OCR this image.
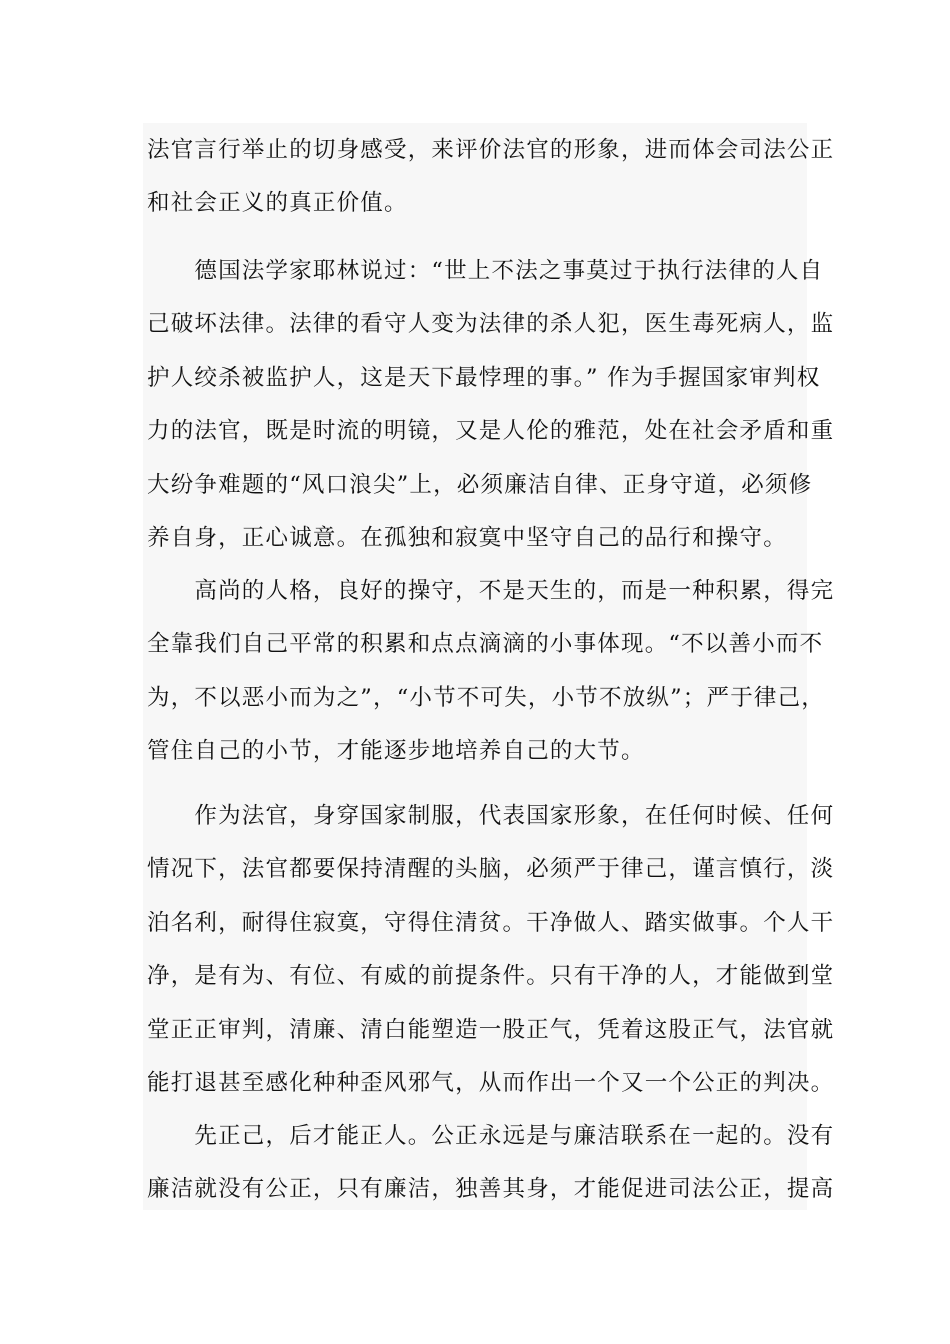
法官言行举止的切身感受，来评价法官的形象，进而体会司法公正
和社会正义的真正价值。
　　德国法学家耶林说过：“世上不法之事莫过于执行法律的人自
己破坏法律。法律的看守人变为法律的杀人犯，医生毒死病人，监
护人绞杀被监护人，这是天下最悖理的事。” 作为手握国家审判权
力的法官，既是时流的明镜，又是人伦的雅范，处在社会矛盾和重
大纷争难题的“风口浪尖”上，必须廉洁自律、正身守道，必须修
养自身，正心诚意。在孤独和寂寞中坚守自己的品行和操守。
　　高尚的人格，良好的操守，不是天生的，而是一种积累，得完
全靠我们自己平常的积累和点点滴滴的小事体现。“不以善小而不
为，不以恶小而为之”，“小节不可失，小节不放纵”；严于律己，
管住自己的小节，才能逐步地培养自己的大节。
　　作为法官，身穿国家制服，代表国家形象，在任何时候、任何
情况下，法官都要保持清醒的头脑，必须严于律己，谨言慎行，淡
泊名利，耐得住寂寞，守得住清贫。干净做人、踏实做事。个人干
净，是有为、有位、有威的前提条件。只有干净的人，才能做到堂
堂正正审判，清廉、清白能塑造一股正气，凭着这股正气，法官就
能打退甚至感化种种歪风邪气，从而作出一个又一个公正的判决。
　　先正己，后才能正人。公正永远是与廉洁联系在一起的。没有
廉洁就没有公正，只有廉洁，独善其身，才能促进司法公正，提高
